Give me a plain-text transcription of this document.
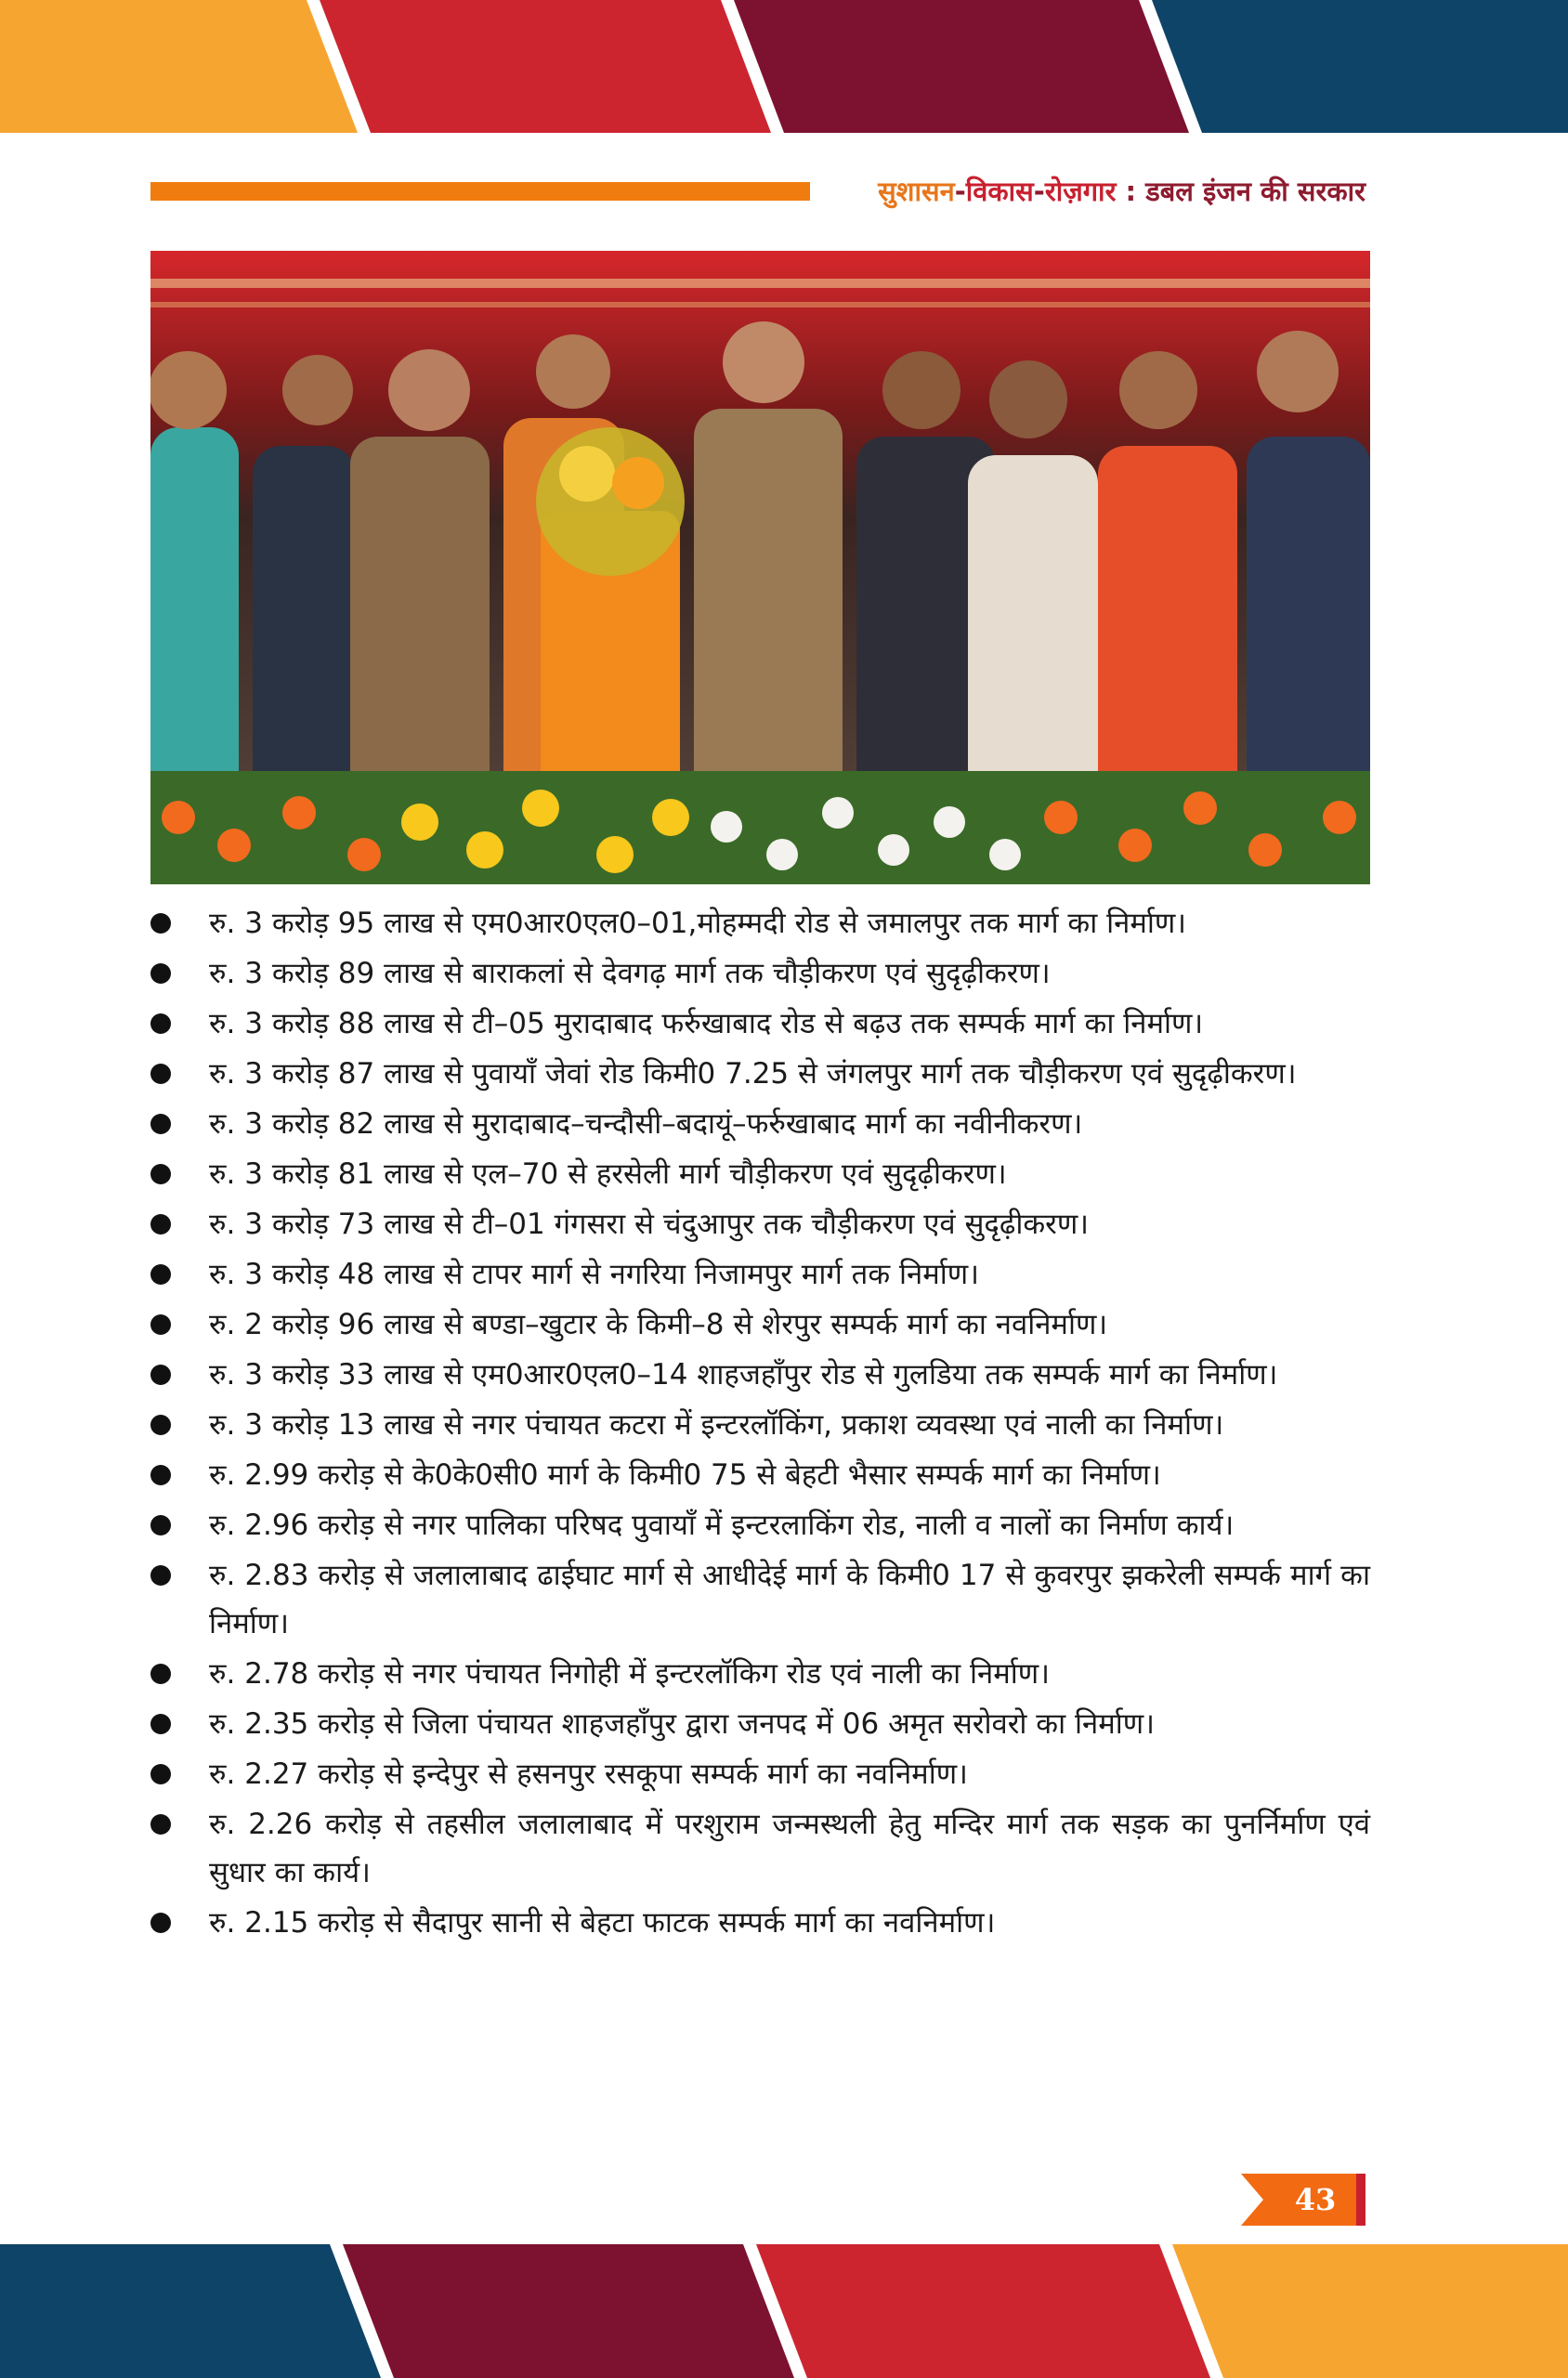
सुशासन-विकास-रोज़गार : डबल इंजन की सरकार
रु. 3 करोड़ 95 लाख से एम0आर0एल0–01,मोहम्मदी रोड से जमालपुर तक मार्ग का निर्माण।
रु. 3 करोड़ 89 लाख से बाराकलां से देवगढ़ मार्ग तक चौड़ीकरण एवं सुदृढ़ीकरण।
रु. 3 करोड़ 88 लाख से टी–05 मुरादाबाद फर्रुखाबाद रोड से बढ़उ तक सम्पर्क मार्ग का निर्माण।
रु. 3 करोड़ 87 लाख से पुवायाँ जेवां रोड किमी0 7.25 से जंगलपुर मार्ग तक चौड़ीकरण एवं सुदृढ़ीकरण।
रु. 3 करोड़ 82 लाख से मुरादाबाद–चन्दौसी–बदायूं–फर्रुखाबाद मार्ग का नवीनीकरण।
रु. 3 करोड़ 81 लाख से एल–70 से हरसेली मार्ग चौड़ीकरण एवं सुदृढ़ीकरण।
रु. 3 करोड़ 73 लाख से टी–01 गंगसरा से चंदुआपुर तक चौड़ीकरण एवं सुदृढ़ीकरण।
रु. 3 करोड़ 48 लाख से टापर मार्ग से नगरिया निजामपुर मार्ग तक निर्माण।
रु. 2 करोड़ 96 लाख से बण्डा–खुटार के किमी–8 से शेरपुर सम्पर्क मार्ग का नवनिर्माण।
रु. 3 करोड़ 33 लाख से एम0आर0एल0–14 शाहजहाँपुर रोड से गुलडिया तक सम्पर्क मार्ग का निर्माण।
रु. 3 करोड़ 13 लाख से नगर पंचायत कटरा में इन्टरलॉकिंग, प्रकाश व्यवस्था एवं नाली का निर्माण।
रु. 2.99 करोड़ से के0के0सी0 मार्ग के किमी0 75 से बेहटी भैसार सम्पर्क मार्ग का निर्माण।
रु. 2.96 करोड़ से नगर पालिका परिषद पुवायाँ में इन्टरलाकिंग रोड, नाली व नालों का निर्माण कार्य।
रु. 2.83 करोड़ से जलालाबाद ढाईघाट मार्ग से आधीदेई मार्ग के किमी0 17 से कुवरपुर झकरेली सम्पर्क मार्ग का निर्माण।
रु. 2.78 करोड़ से नगर पंचायत निगोही में इन्टरलॉकिग रोड एवं नाली का निर्माण।
रु. 2.35 करोड़ से जिला पंचायत शाहजहाँपुर द्वारा जनपद में 06 अमृत सरोवरो का निर्माण।
रु. 2.27 करोड़ से इन्देपुर से हसनपुर रसकूपा सम्पर्क मार्ग का नवनिर्माण।
रु. 2.26 करोड़ से तहसील जलालाबाद में परशुराम जन्मस्थली हेतु मन्दिर मार्ग तक सड़क का पुनर्निर्माण एवं सुधार का कार्य।
रु. 2.15 करोड़ से सैदापुर सानी से बेहटा फाटक सम्पर्क मार्ग का नवनिर्माण।
43
